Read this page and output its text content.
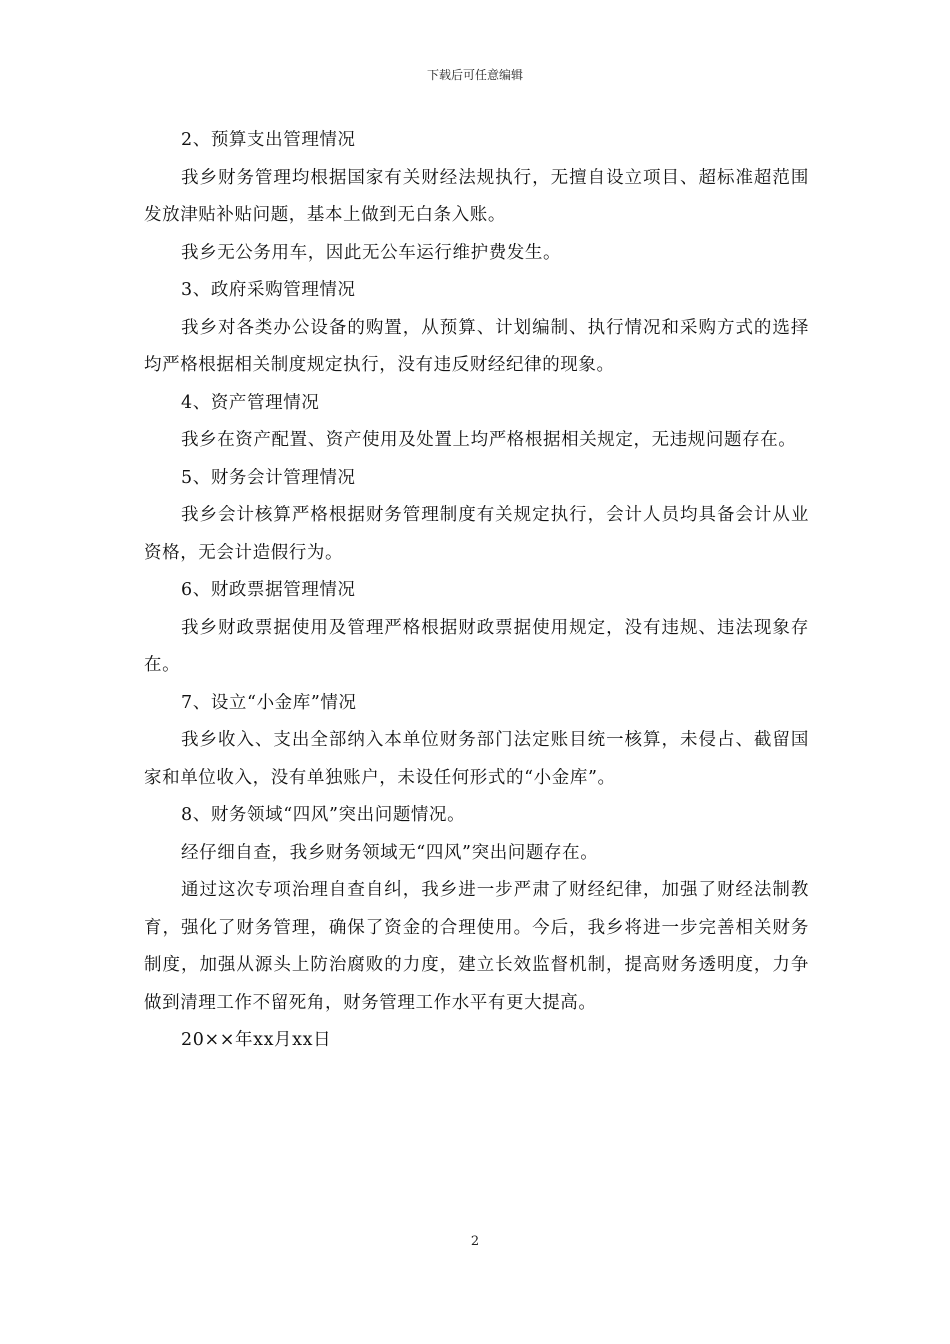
下载后可任意编辑

2、预算支出管理情况

我乡财务管理均根据国家有关财经法规执行，无擅自设立项目、超标准超范围发放津贴补贴问题，基本上做到无白条入账。

我乡无公务用车，因此无公车运行维护费发生。

3、政府采购管理情况

我乡对各类办公设备的购置，从预算、计划编制、执行情况和采购方式的选择均严格根据相关制度规定执行，没有违反财经纪律的现象。

4、资产管理情况

我乡在资产配置、资产使用及处置上均严格根据相关规定，无违规问题存在。

5、财务会计管理情况

我乡会计核算严格根据财务管理制度有关规定执行，会计人员均具备会计从业资格，无会计造假行为。

6、财政票据管理情况

我乡财政票据使用及管理严格根据财政票据使用规定，没有违规、违法现象存在。

7、设立“小金库”情况

我乡收入、支出全部纳入本单位财务部门法定账目统一核算，未侵占、截留国家和单位收入，没有单独账户，未设任何形式的“小金库”。

8、财务领域“四风”突出问题情况。

经仔细自查，我乡财务领域无“四风”突出问题存在。

通过这次专项治理自查自纠，我乡进一步严肃了财经纪律，加强了财经法制教育，强化了财务管理，确保了资金的合理使用。今后，我乡将进一步完善相关财务制度，加强从源头上防治腐败的力度，建立长效监督机制，提高财务透明度，力争做到清理工作不留死角，财务管理工作水平有更大提高。

20××年xx月xx日

2
